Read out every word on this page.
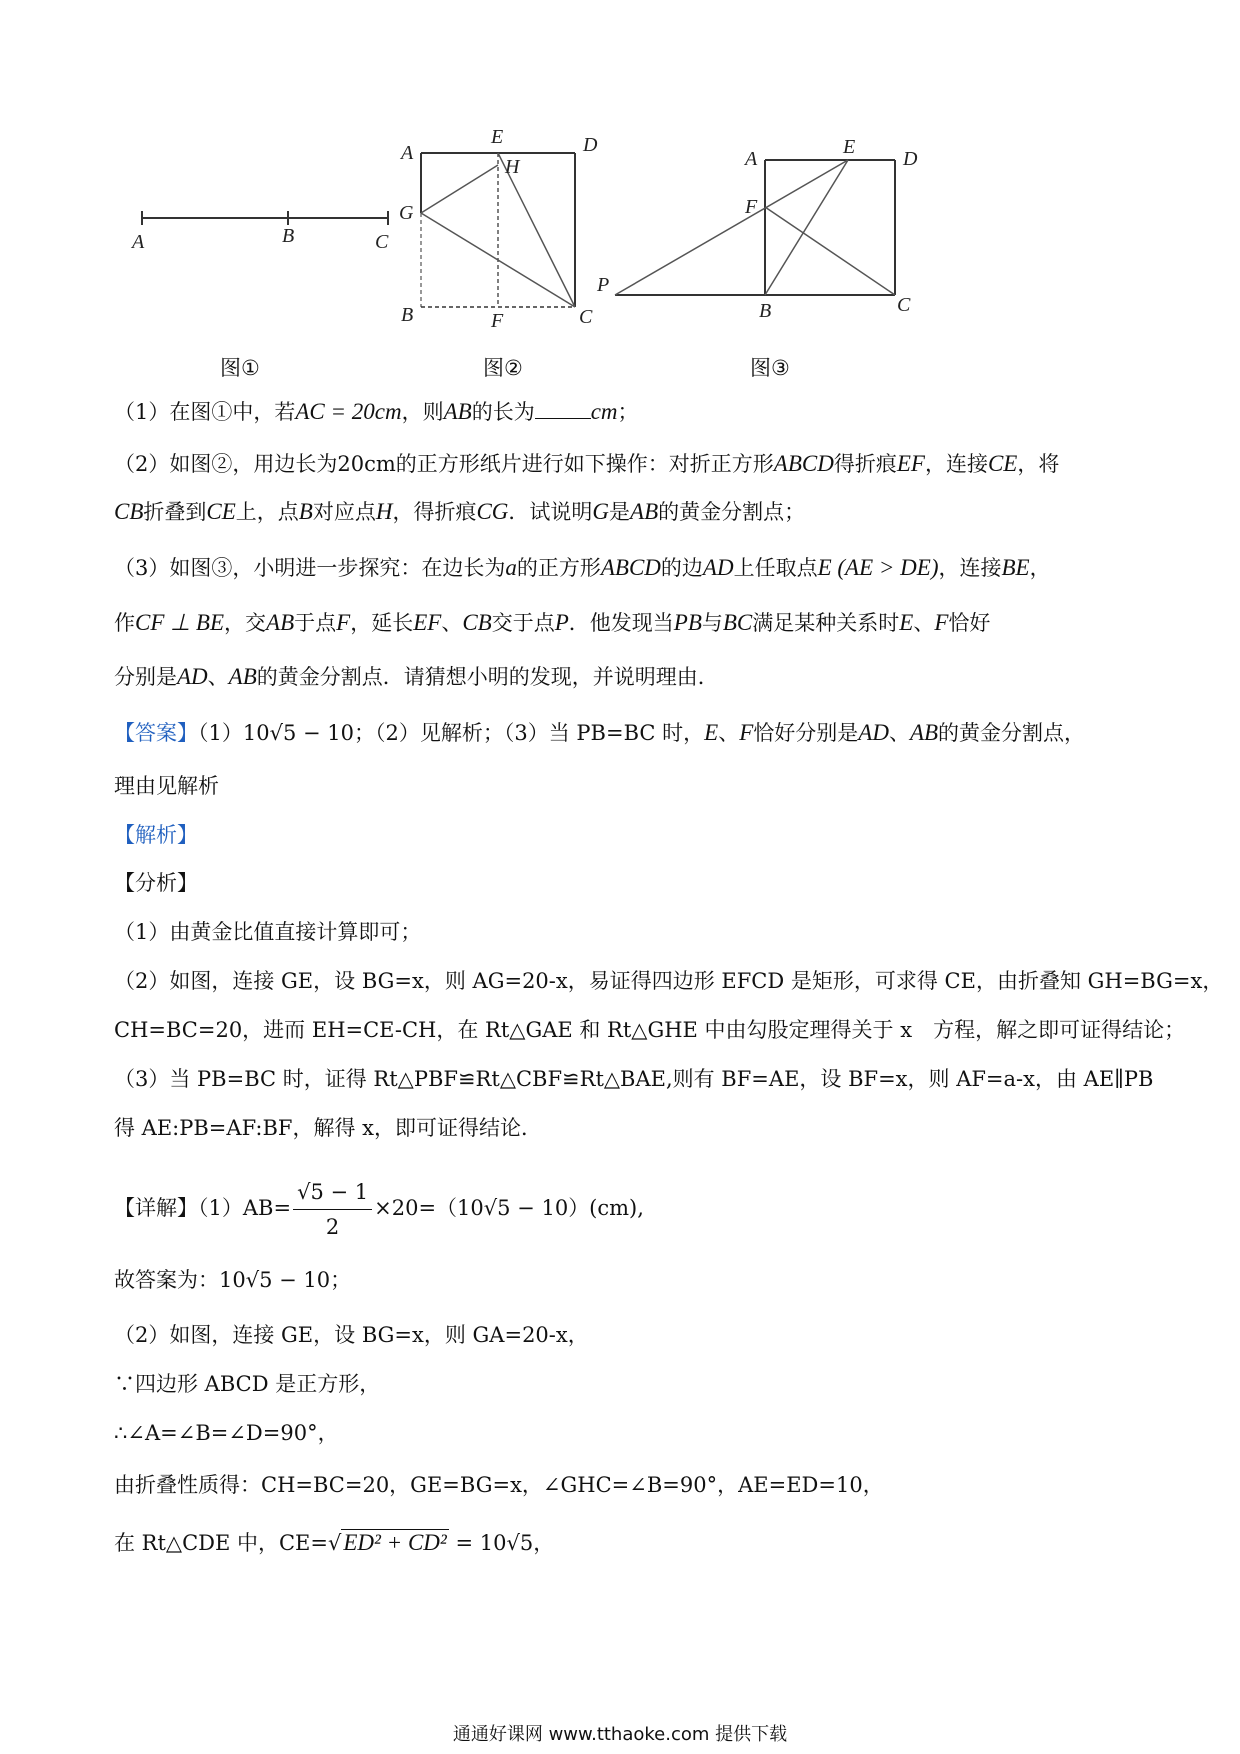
A	B	C
图①
A
E	D
H
G
B	F	C
图②
A
E
D
F
P
B	C
图③
（1）在图①中，若AC = 20cm，则AB的长为 cm；
（2）如图②，用边长为20cm的正方形纸片进行如下操作：对折正方形ABCD得折痕EF，连接CE，将
CB折叠到CE上，点B对应点H，得折痕CG．试说明G是AB的黄金分割点；
（3）如图③，小明进一步探究：在边长为a的正方形ABCD的边AD上任取点E (AE > DE)，连接BE，
作CF ⊥ BE，交AB于点F，延长EF、CB交于点P．他发现当PB与BC满足某种关系时E、F恰好
分别是AD、AB的黄金分割点．请猜想小明的发现，并说明理由．
【答案】（1）10√5 − 10；（2）见解析；（3）当 PB=BC 时，E、F恰好分别是AD、AB的黄金分割点，
理由见解析
【解析】
【分析】
（1）由黄金比值直接计算即可；
（2）如图，连接 GE，设 BG=x，则 AG=20-x，易证得四边形 EFCD 是矩形，可求得 CE，由折叠知 GH=BG=x，
CH=BC=20，进而 EH=CE-CH，在 Rt△GAE 和 Rt△GHE 中由勾股定理得关于 x　方程，解之即可证得结论；
（3）当 PB=BC 时，证得 Rt△PBF≌Rt△CBF≌Rt△BAE,则有 BF=AE，设 BF=x，则 AF=a-x，由 AE∥PB
得 AE:PB=AF:BF，解得 x，即可证得结论．
【详解】$(1)AB= \frac{√5 - 1}{2} \times 20=(10√5 - 10)(cm)$,
故答案为：10√5 − 10；
（2）如图，连接 GE，设 BG=x，则 GA=20-x，
∵四边形 ABCD 是正方形，
∴∠A=∠B=∠D=90°，
由折叠性质得：CH=BC=20，GE=BG=x，∠GHC=∠B=90°，AE=ED=10，
在 Rt△CDE 中，CE=√ED² + CD² = 10√5，
通通好课网 www.tthaoke.com 提供下载
